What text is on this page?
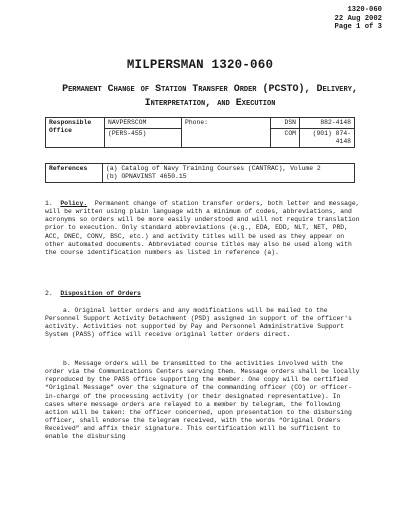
1320-060
22 Aug 2002
Page 1 of 3
MILPERSMAN 1320-060
Permanent Change of Station Transfer Order (PCSTO), Delivery, Interpretation, and Execution
Responsible Office	NAVPERSCOM	Phone:	DSN	882-4148
	(PERS-455)		COM	(901) 874-4148
References	(a) Catalog of Navy Training Courses (CANTRAC), Volume 2
(b) OPNAVINST 4650.15

1. Policy. Permanent change of station transfer orders, both letter and message, will be written using plain language with a minimum of codes, abbreviations, and acronyms so orders will be more easily understood and will not require translation prior to execution. Only standard abbreviations (e.g., EDA, EDD, NLT, NET, PRD, ACC, DNEC, CONV, BSC, etc.) and activity titles will be used as they appear on other automated documents. Abbreviated course titles may also be used along with the course identification numbers as listed in reference (a).

2. Disposition of Orders

a. Original letter orders and any modifications will be mailed to the Personnel Support Activity Detachment (PSD) assigned in support of the officer's activity. Activities not supported by Pay and Personnel Administrative Support System (PASS) office will receive original letter orders direct.

b. Message orders will be transmitted to the activities involved with the order via the Communications Centers serving them. Message orders shall be locally reproduced by the PASS office supporting the member. One copy will be certified “Original Message” over the signature of the commanding officer (CO) or officer-in-charge of the processing activity (or their designated representative). In cases where message orders are relayed to a member by telegram, the following action will be taken: the officer concerned, upon presentation to the disbursing officer, shall endorse the telegram received, with the words “Original Orders Received” and affix their signature. This certification will be sufficient to enable the disbursing
